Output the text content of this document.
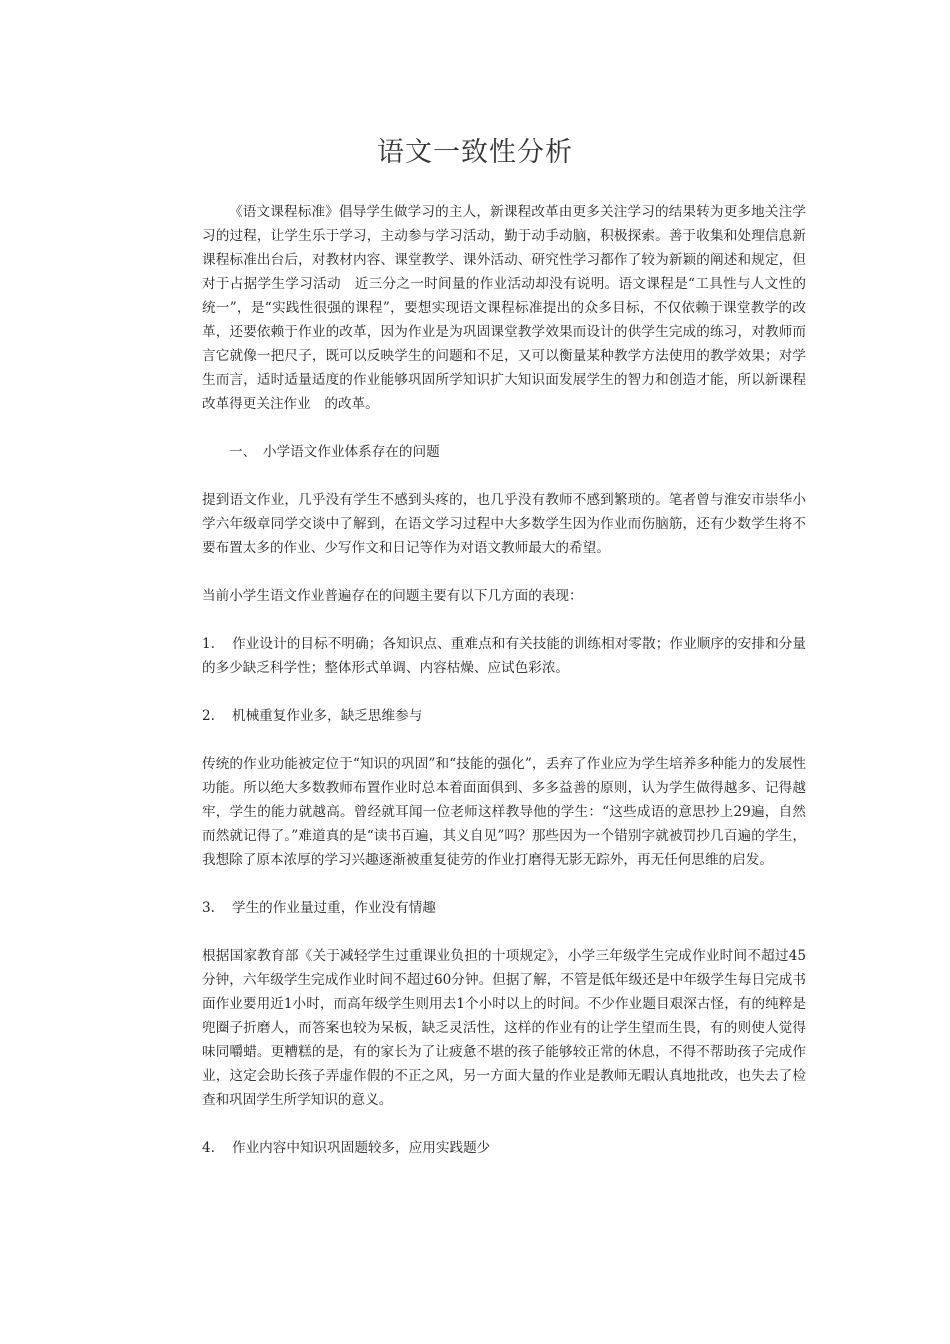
语文一致性分析

《语文课程标准》倡导学生做学习的主人，新课程改革由更多关注学习的结果转为更多地关注学习的过程，让学生乐于学习，主动参与学习活动，勤于动手动脑，积极探索。善于收集和处理信息新课程标准出台后，对教材内容、课堂教学、课外活动、研究性学习都作了较为新颖的阐述和规定，但对于占据学生学习活动　近三分之一时间量的作业活动却没有说明。语文课程是“工具性与人文性的统一”，是“实践性很强的课程”，要想实现语文课程标准提出的众多目标，不仅依赖于课堂教学的改革，还要依赖于作业的改革，因为作业是为巩固课堂教学效果而设计的供学生完成的练习，对教师而言它就像一把尺子，既可以反映学生的问题和不足，又可以衡量某种教学方法使用的教学效果；对学生而言，适时适量适度的作业能够巩固所学知识扩大知识面发展学生的智力和创造才能，所以新课程改革得更关注作业　的改革。

一、　小学语文作业体系存在的问题

提到语文作业，几乎没有学生不感到头疼的，也几乎没有教师不感到繁琐的。笔者曾与淮安市崇华小学六年级章同学交谈中了解到，在语文学习过程中大多数学生因为作业而伤脑筋，还有少数学生将不要布置太多的作业、少写作文和日记等作为对语文教师最大的希望。

当前小学生语文作业普遍存在的问题主要有以下几方面的表现：

1. 作业设计的目标不明确；各知识点、重难点和有关技能的训练相对零散；作业顺序的安排和分量的多少缺乏科学性；整体形式单调、内容枯燥、应试色彩浓。

2. 机械重复作业多，缺乏思维参与

传统的作业功能被定位于“知识的巩固”和“技能的强化”，丢弃了作业应为学生培养多种能力的发展性功能。所以绝大多数教师布置作业时总本着面面俱到、多多益善的原则，认为学生做得越多、记得越牢，学生的能力就越高。曾经就耳闻一位老师这样教导他的学生：“这些成语的意思抄上29遍，自然而然就记得了。”难道真的是“读书百遍，其义自见”吗？那些因为一个错别字就被罚抄几百遍的学生，我想除了原本浓厚的学习兴趣逐渐被重复徒劳的作业打磨得无影无踪外，再无任何思维的启发。

3. 学生的作业量过重，作业没有情趣

根据国家教育部《关于减轻学生过重课业负担的十项规定》，小学三年级学生完成作业时间不超过45分钟，六年级学生完成作业时间不超过60分钟。但据了解，不管是低年级还是中年级学生每日完成书面作业要用近1小时，而高年级学生则用去1个小时以上的时间。不少作业题目艰深古怪，有的纯粹是兜圈子折磨人，而答案也较为呆板，缺乏灵活性，这样的作业有的让学生望而生畏，有的则使人觉得味同嚼蜡。更糟糕的是，有的家长为了让疲惫不堪的孩子能够较正常的休息，不得不帮助孩子完成作业，这定会助长孩子弄虚作假的不正之风，另一方面大量的作业是教师无暇认真地批改，也失去了检查和巩固学生所学知识的意义。

4. 作业内容中知识巩固题较多，应用实践题少
